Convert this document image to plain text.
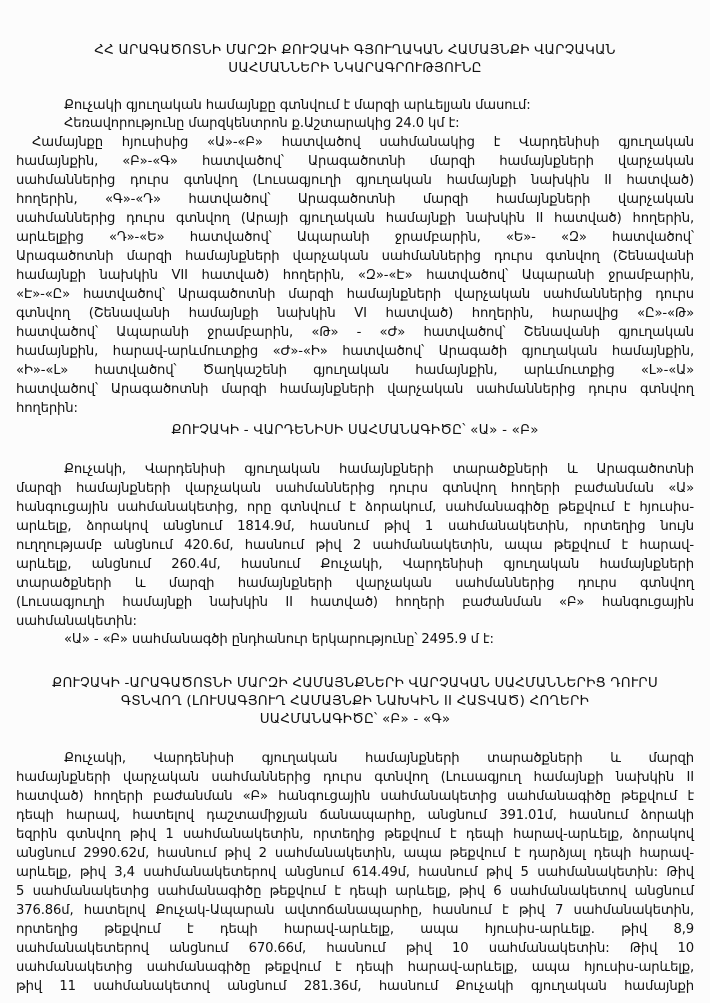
ՀՀ ԱՐԱԳԱԾՈՏՆԻ ՄԱՐԶԻ ՔՈՒՉԱԿԻ ԳՅՈՒՂԱԿԱՆ ՀԱՄԱՅՆՔԻ ՎԱՐՉԱԿԱՆ
ՍԱՀՄԱՆՆԵՐԻ ՆԿԱՐԱԳՐՈՒԹՅՈՒՆԸ
Քուչակի գյուղական համայնքը գտնվում է մարզի արևելյան մասում:
Հեռավորությունը մարզկենտրոն ք.Աշտարակից 24.0 կմ է:
Համայնքը հյուսիսից «Ա»-«Բ» հատվածով սահմանակից է Վարդենիսի գյուղական
համայնքին, «Բ»-«Գ» հատվածով՝ Արագածոտնի մարզի համայնքների վարչական
սահմաններից դուրս գտնվող (Լուսագյուղի գյուղական համայնքի նախկին II հատված)
հողերին, «Գ»-«Դ» հատվածով՝ Արագածոտնի մարզի համայնքների վարչական
սահմաններից դուրս գտնվող (Արայի գյուղական համայնքի նախկին II հատված) հողերին,
արևելքից «Դ»-«Ե» հատվածով՝ Ապարանի ջրամբարին, «Ե»- «Զ» հատվածով՝
Արագածոտնի մարզի համայնքների վարչական սահմաններից դուրս գտնվող (Շենավանի
համայնքի նախկին VII հատված) հողերին, «Զ»-«Է» հատվածով՝ Ապարանի ջրամբարին,
«Է»-«Ը» հատվածով՝ Արագածոտնի մարզի համայնքների վարչական սահմաններից դուրս
գտնվող (Շենավանի համայնքի նախկին VI հատված) հողերին, հարավից «Ը»-«Թ»
հատվածով՝ Ապարանի ջրամբարին, «Թ» - «Ժ» հատվածով՝ Շենավանի գյուղական
համայնքին, հարավ-արևմուտքից «Ժ»-«Ի» հատվածով՝ Արագածի գյուղական համայնքին,
«Ի»-«Լ» հատվածով՝ Ծաղկաշենի գյուղական համայնքին, արևմուտքից «Լ»-«Ա»
հատվածով՝ Արագածոտնի մարզի համայնքների վարչական սահմաններից դուրս գտնվող
հողերին:
ՔՈՒՉԱԿԻ - ՎԱՐԴԵՆԻՍԻ ՍԱՀՄԱՆԱԳԻԾԸ՝ «Ա» - «Բ»
Քուչակի, Վարդենիսի գյուղական համայնքների տարածքների և Արագածոտնի
մարզի համայնքների վարչական սահմաններից դուրս գտնվող հողերի բաժանման «Ա»
հանգուցային սահմանակետից, որը գտնվում է ձորակում, սահմանագիծը թեքվում է հյուսիս-
արևելք, ձորակով անցնում 1814.9մ, հասնում թիվ 1 սահմանակետին, որտեղից նույն
ուղղությամբ անցնում 420.6մ, հասնում թիվ 2 սահմանակետին, ապա թեքվում է հարավ-
արևելք, անցնում 260.4մ, հասնում Քուչակի, Վարդենիսի գյուղական համայնքների
տարածքների և մարզի համայնքների վարչական սահմաններից դուրս գտնվող
(Լուսագյուղի համայնքի նախկին II հատված) հողերի բաժանման «Բ» հանգուցային
սահմանակետին:
«Ա» - «Բ» սահմանագծի ընդհանուր երկարությունը՝ 2495.9 մ է:
ՔՈՒՉԱԿԻ -ԱՐԱԳԱԾՈՏՆԻ ՄԱՐԶԻ ՀԱՄԱՅՆՔՆԵՐԻ ՎԱՐՉԱԿԱՆ ՍԱՀՄԱՆՆԵՐԻՑ ԴՈՒՐՍ
ԳՏՆՎՈՂ (ԼՈՒՍԱԳՅՈՒՂ ՀԱՄԱՅՆՔԻ ՆԱԽԿԻՆ II ՀԱՏՎԱԾ) ՀՈՂԵՐԻ
ՍԱՀՄԱՆԱԳԻԾԸ՝ «Բ» - «Գ»
Քուչակի, Վարդենիսի գյուղական համայնքների տարածքների և մարզի
համայնքների վարչական սահմաններից դուրս գտնվող (Լուսագյուղ համայնքի նախկին II
հատված) հողերի բաժանման «Բ» հանգուցային սահմանակետից սահմանագիծը թեքվում է
դեպի հարավ, հատելով դաշտամիջյան ճանապարհը, անցնում 391.01մ, հասնում ձորակի
եզրին գտնվող թիվ 1 սահմանակետին, որտեղից թեքվում է դեպի հարավ-արևելք, ձորակով
անցնում 2990.62մ, հասնում թիվ 2 սահմանակետին, ապա թեքվում է դարձյալ դեպի հարավ-
արևելք, թիվ 3,4 սահմանակետերով անցնում 614.49մ, հասնում թիվ 5 սահմանակետին: Թիվ
5 սահմանակետից սահմանագիծը թեքվում է դեպի արևելք, թիվ 6 սահմանակետով անցնում
376.86մ, հատելով Քուչակ-Ապարան ավտոճանապարհը, հասնում է թիվ 7 սահմանակետին,
որտեղից թեքվում է դեպի հարավ-արևելք, ապա հյուսիս-արևելք. թիվ 8,9
սահմանակետերով անցնում 670.66մ, հասնում թիվ 10 սահմանակետին: Թիվ 10
սահմանակետից սահմանագիծը թեքվում է դեպի հարավ-արևելք, ապա հյուսիս-արևելք,
թիվ 11 սահմանակետով անցնում 281.36մ, հասնում Քուչակի գյուղական համայնքի
